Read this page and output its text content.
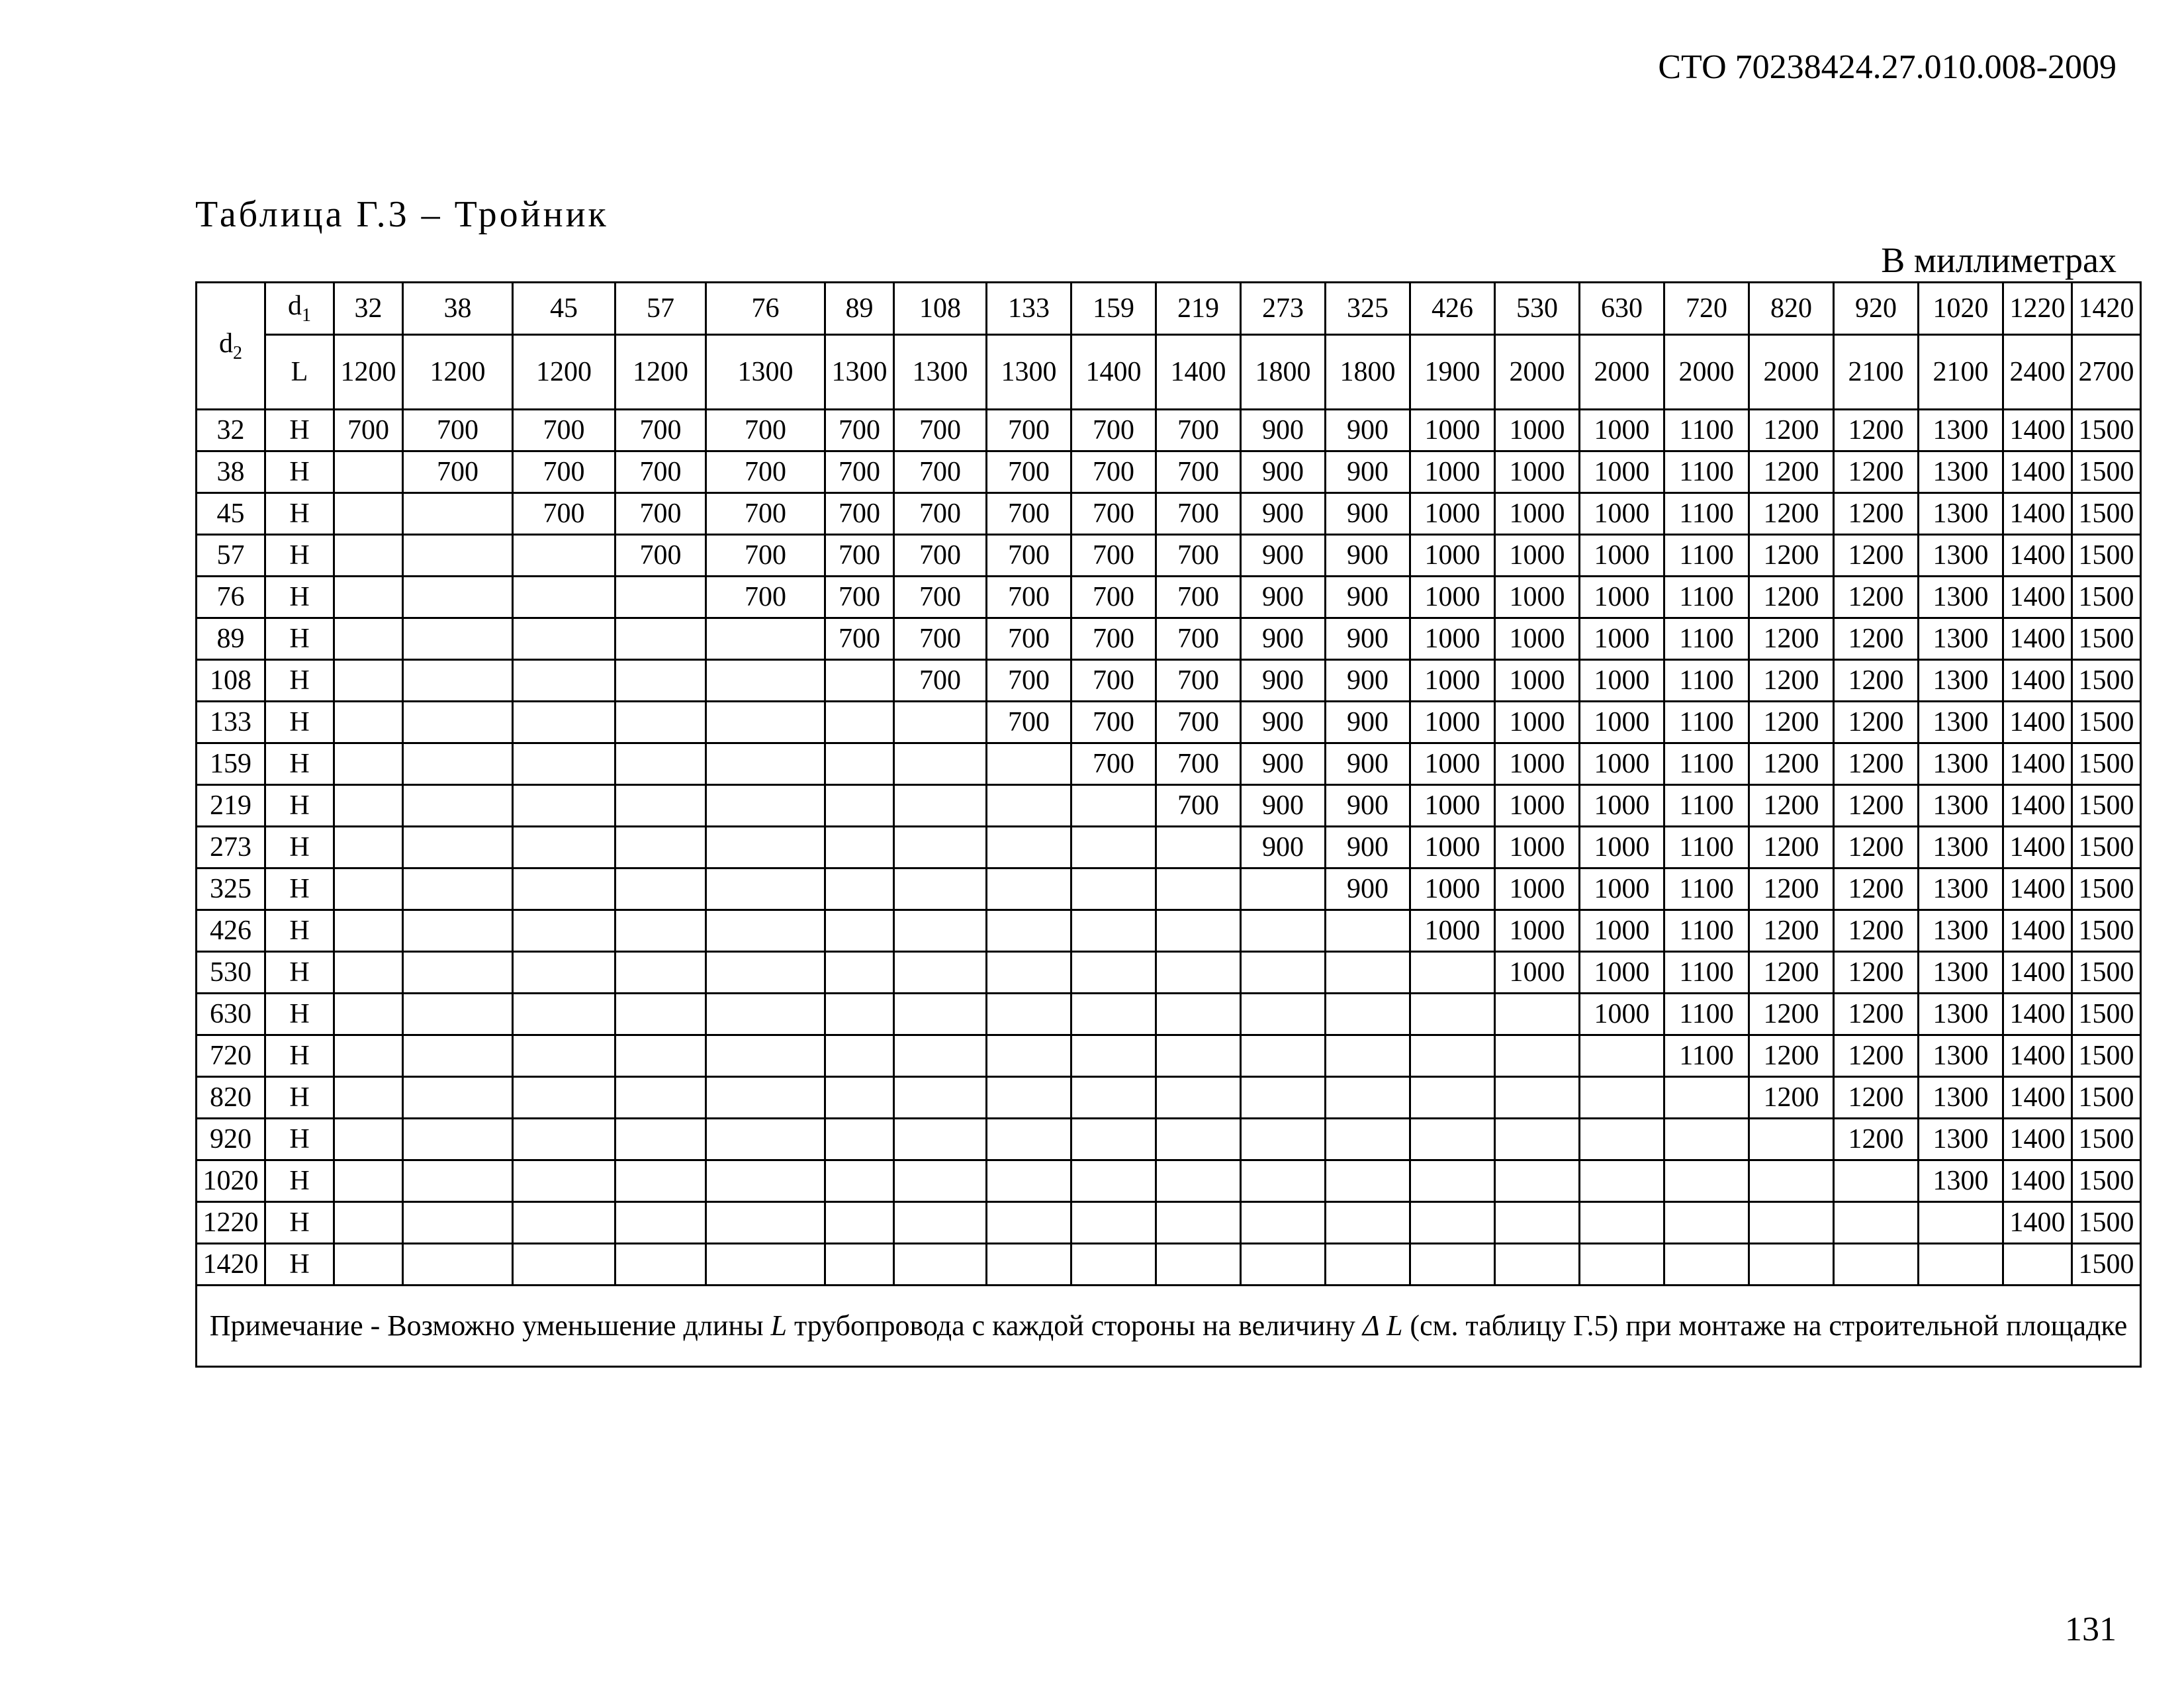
СТО 70238424.27.010.008-2009
Таблица Г.3 – Тройник
В миллиметрах
$d_2$	$d_1$	32	38	45	57	76	89	108	133	159	219	273	325	426	530	630	720	820	920	1020	1220	1420
	L	1200	1200	1200	1200	1300	1300	1300	1300	1400	1400	1800	1800	1900	2000	2000	2000	2000	2100	2100	2400	2700
32	Н	700	700	700	700	700	700	700	700	700	700	900	900	1000	1000	1000	1100	1200	1200	1300	1400	1500
38	Н		700	700	700	700	700	700	700	700	700	900	900	1000	1000	1000	1100	1200	1200	1300	1400	1500
45	Н			700	700	700	700	700	700	700	700	900	900	1000	1000	1000	1100	1200	1200	1300	1400	1500
57	Н				700	700	700	700	700	700	700	900	900	1000	1000	1000	1100	1200	1200	1300	1400	1500
76	Н					700	700	700	700	700	700	900	900	1000	1000	1000	1100	1200	1200	1300	1400	1500
89	Н						700	700	700	700	700	900	900	1000	1000	1000	1100	1200	1200	1300	1400	1500
108	Н							700	700	700	700	900	900	1000	1000	1000	1100	1200	1200	1300	1400	1500
133	Н								700	700	700	900	900	1000	1000	1000	1100	1200	1200	1300	1400	1500
159	Н									700	700	900	900	1000	1000	1000	1100	1200	1200	1300	1400	1500
219	Н										700	900	900	1000	1000	1000	1100	1200	1200	1300	1400	1500
273	Н											900	900	1000	1000	1000	1100	1200	1200	1300	1400	1500
325	Н												900	1000	1000	1000	1100	1200	1200	1300	1400	1500
426	Н													1000	1000	1000	1100	1200	1200	1300	1400	1500
530	Н														1000	1000	1100	1200	1200	1300	1400	1500
630	Н															1000	1100	1200	1200	1300	1400	1500
720	Н																1100	1200	1200	1300	1400	1500
820	Н																	1200	1200	1300	1400	1500
920	Н																		1200	1300	1400	1500
1020	Н																			1300	1400	1500
1220	Н																				1400	1500
1420	Н																					1500
Примечание - Возможно уменьшение длины L трубопровода с каждой стороны на величину Δ L (см. таблицу Г.5) при монтаже на строительной площадке																						
131
